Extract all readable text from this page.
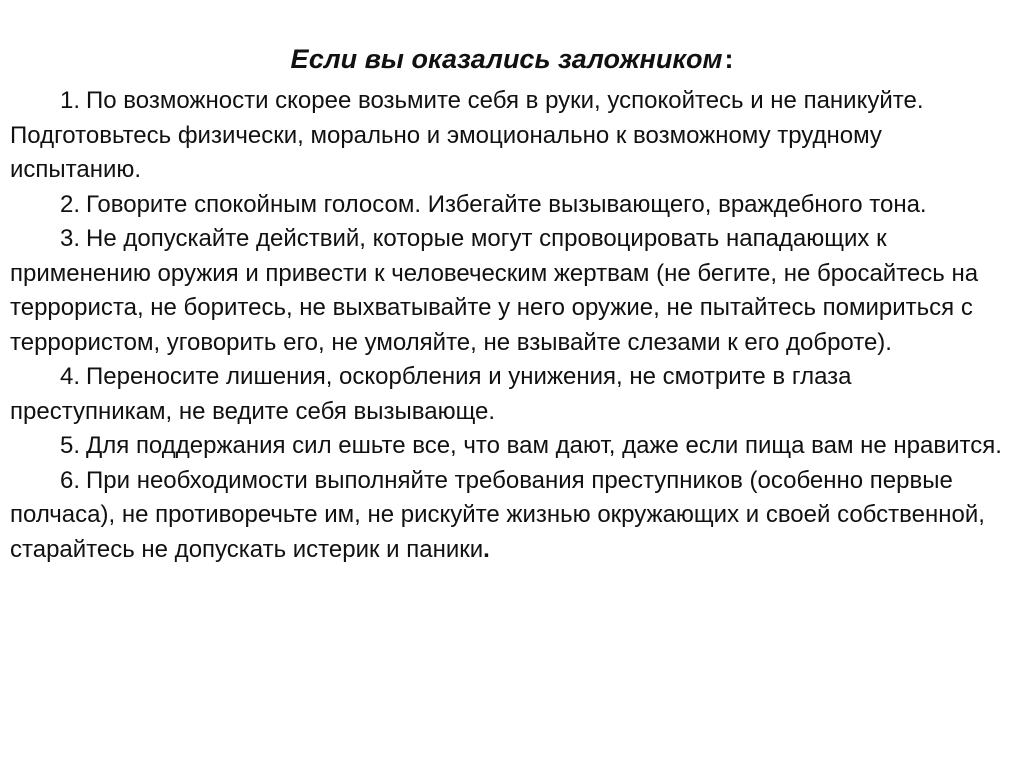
Если вы оказались заложником:

1. По возможности скорее возьмите себя в руки, успокойтесь и не паникуйте. Подготовьтесь физически, морально и эмоционально к возможному трудному испытанию.

2. Говорите спокойным голосом. Избегайте вызывающего, враждебного тона.

3. Не допускайте действий, которые могут спровоцировать нападающих к применению оружия и привести к человеческим жертвам (не бегите, не бросайтесь на террориста, не боритесь, не выхватывайте у него оружие, не пытайтесь помириться с террористом, уговорить его, не умоляйте, не взывайте слезами к его доброте).

4. Переносите лишения, оскорбления и унижения, не смотрите в глаза преступникам, не ведите себя вызывающе.

5. Для поддержания сил ешьте все, что вам дают, даже если пища вам не нравится.

6. При необходимости выполняйте требования преступников (особенно первые полчаса), не противоречьте им, не рискуйте жизнью окружающих и своей собственной, старайтесь не допускать истерик и паники.
